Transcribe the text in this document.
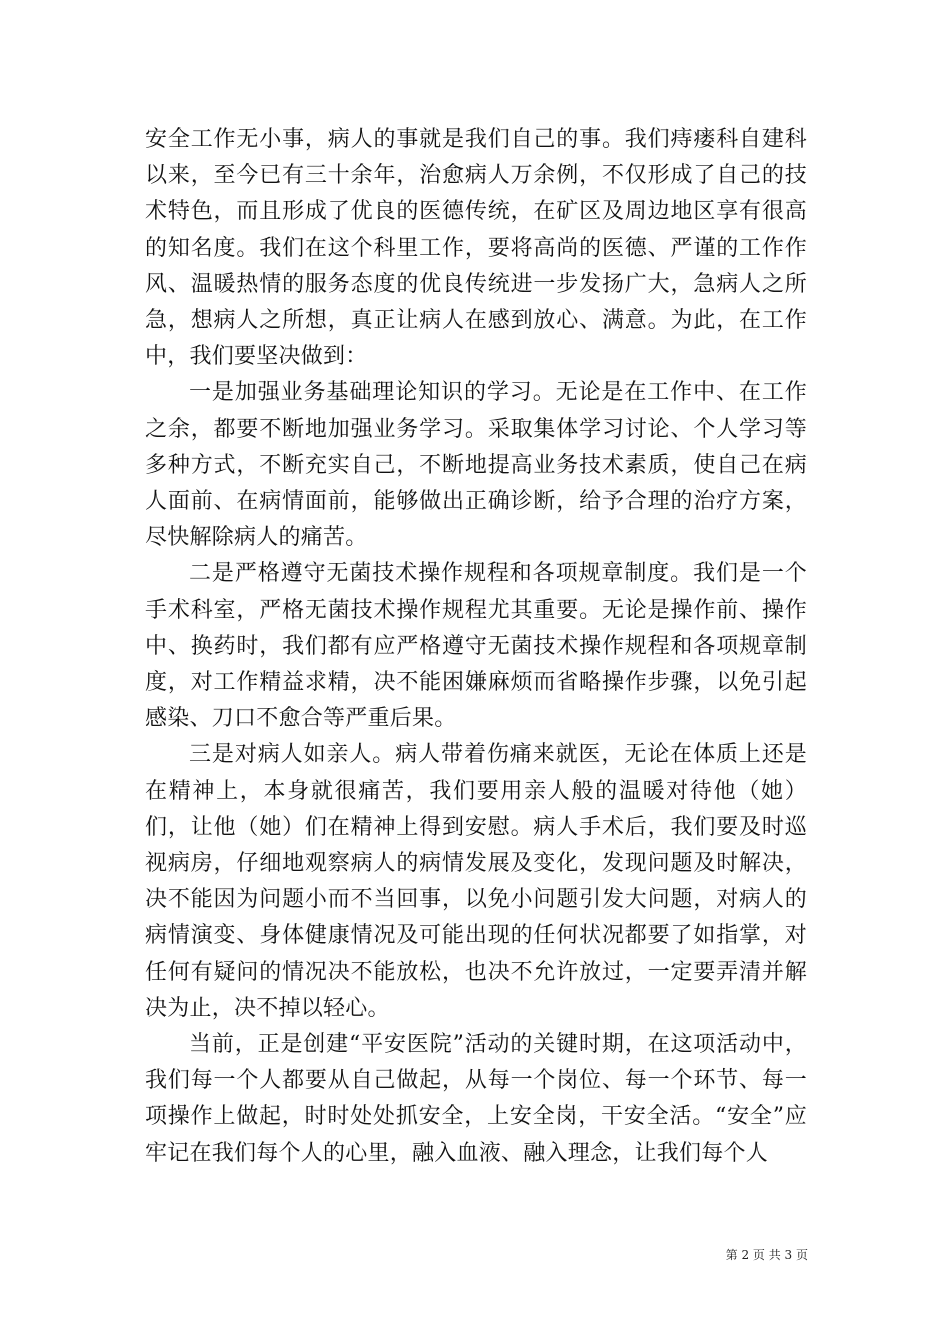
安全工作无小事，病人的事就是我们自己的事。我们痔瘘科自建科以来，至今已有三十余年，治愈病人万余例，不仅形成了自己的技术特色，而且形成了优良的医德传统，在矿区及周边地区享有很高的知名度。我们在这个科里工作，要将高尚的医德、严谨的工作作风、温暖热情的服务态度的优良传统进一步发扬广大，急病人之所急，想病人之所想，真正让病人在感到放心、满意。为此，在工作中，我们要坚决做到：

一是加强业务基础理论知识的学习。无论是在工作中、在工作之余，都要不断地加强业务学习。采取集体学习讨论、个人学习等多种方式，不断充实自己，不断地提高业务技术素质，使自己在病人面前、在病情面前，能够做出正确诊断，给予合理的治疗方案，尽快解除病人的痛苦。

二是严格遵守无菌技术操作规程和各项规章制度。我们是一个手术科室，严格无菌技术操作规程尤其重要。无论是操作前、操作中、换药时，我们都有应严格遵守无菌技术操作规程和各项规章制度，对工作精益求精，决不能困嫌麻烦而省略操作步骤，以免引起感染、刀口不愈合等严重后果。

三是对病人如亲人。病人带着伤痛来就医，无论在体质上还是在精神上，本身就很痛苦，我们要用亲人般的温暖对待他（她）们，让他（她）们在精神上得到安慰。病人手术后，我们要及时巡视病房，仔细地观察病人的病情发展及变化，发现问题及时解决，决不能因为问题小而不当回事，以免小问题引发大问题，对病人的病情演变、身体健康情况及可能出现的任何状况都要了如指掌，对任何有疑问的情况决不能放松，也决不允许放过，一定要弄清并解决为止，决不掉以轻心。

当前，正是创建“平安医院”活动的关键时期，在这项活动中，我们每一个人都要从自己做起，从每一个岗位、每一个环节、每一项操作上做起，时时处处抓安全，上安全岗，干安全活。“安全”应牢记在我们每个人的心里，融入血液、融入理念，让我们每个人

第 2 页 共 3 页
